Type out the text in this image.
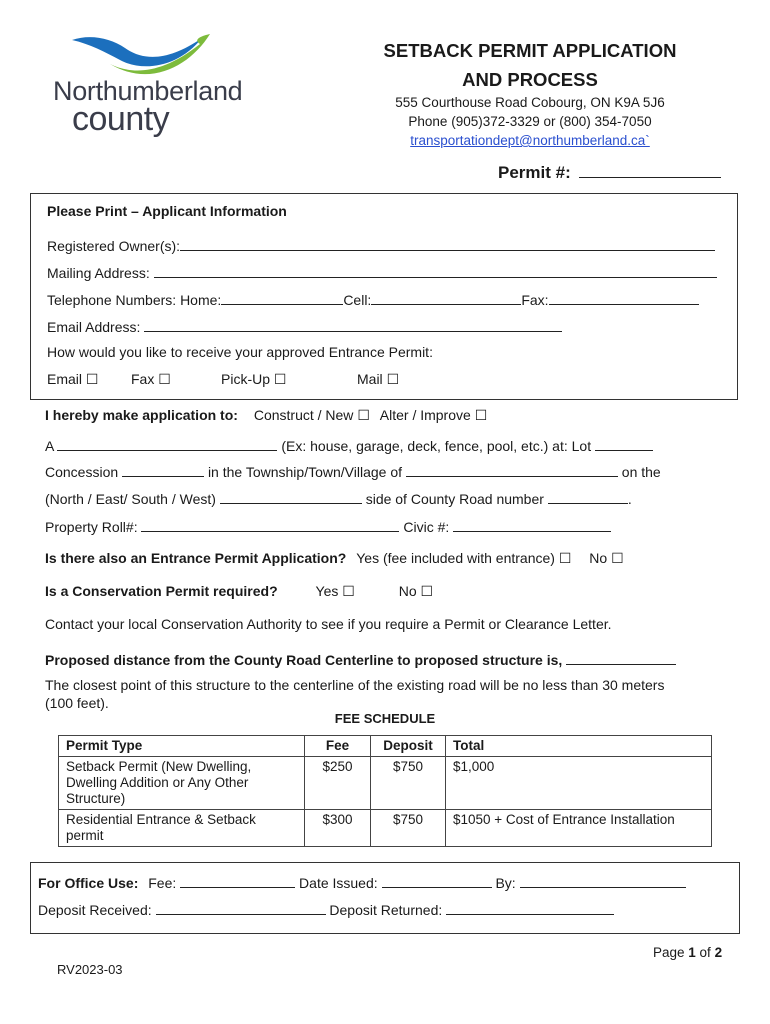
Northumberland
county
SETBACK PERMIT APPLICATION
AND PROCESS
555 Courthouse Road Cobourg, ON K9A 5J6
Phone (905)372-3329 or (800) 354-7050
transportationdept@northumberland.ca`
Permit #:
Please Print – Applicant Information
Registered Owner(s):
Mailing Address:
Telephone Numbers: Home:	Cell:	Fax:
Email Address:
How would you like to receive your approved Entrance Permit:
Email ☐ Fax ☐	Pick-Up ☐	Mail ☐
I hereby make application to: Construct / New ☐ Alter / Improve ☐
A	(Ex: house, garage, deck, fence, pool, etc.) at: Lot
Concession	in the Township/Town/Village of	on the
(North / East/ South / West)	side of County Road number	.
Property Roll#:	Civic #:
Is there also an Entrance Permit Application? Yes (fee included with entrance) ☐ No ☐
Is a Conservation Permit required?	Yes ☐	No ☐
Contact your local Conservation Authority to see if you require a Permit or Clearance Letter.
Proposed distance from the County Road Centerline to proposed structure is,
The closest point of this structure to the centerline of the existing road will be no less than 30 meters
(100 feet).
FEE SCHEDULE
Permit Type	Fee	Deposit	Total
Setback Permit (New Dwelling, Dwelling Addition or Any Other Structure)	$250	$750	$1,000
Residential Entrance & Setback permit	$300	$750	$1050 + Cost of Entrance Installation
For Office Use: Fee:	Date Issued:	By:
Deposit Received:	Deposit Returned:
Page 1 of 2
RV2023-03
